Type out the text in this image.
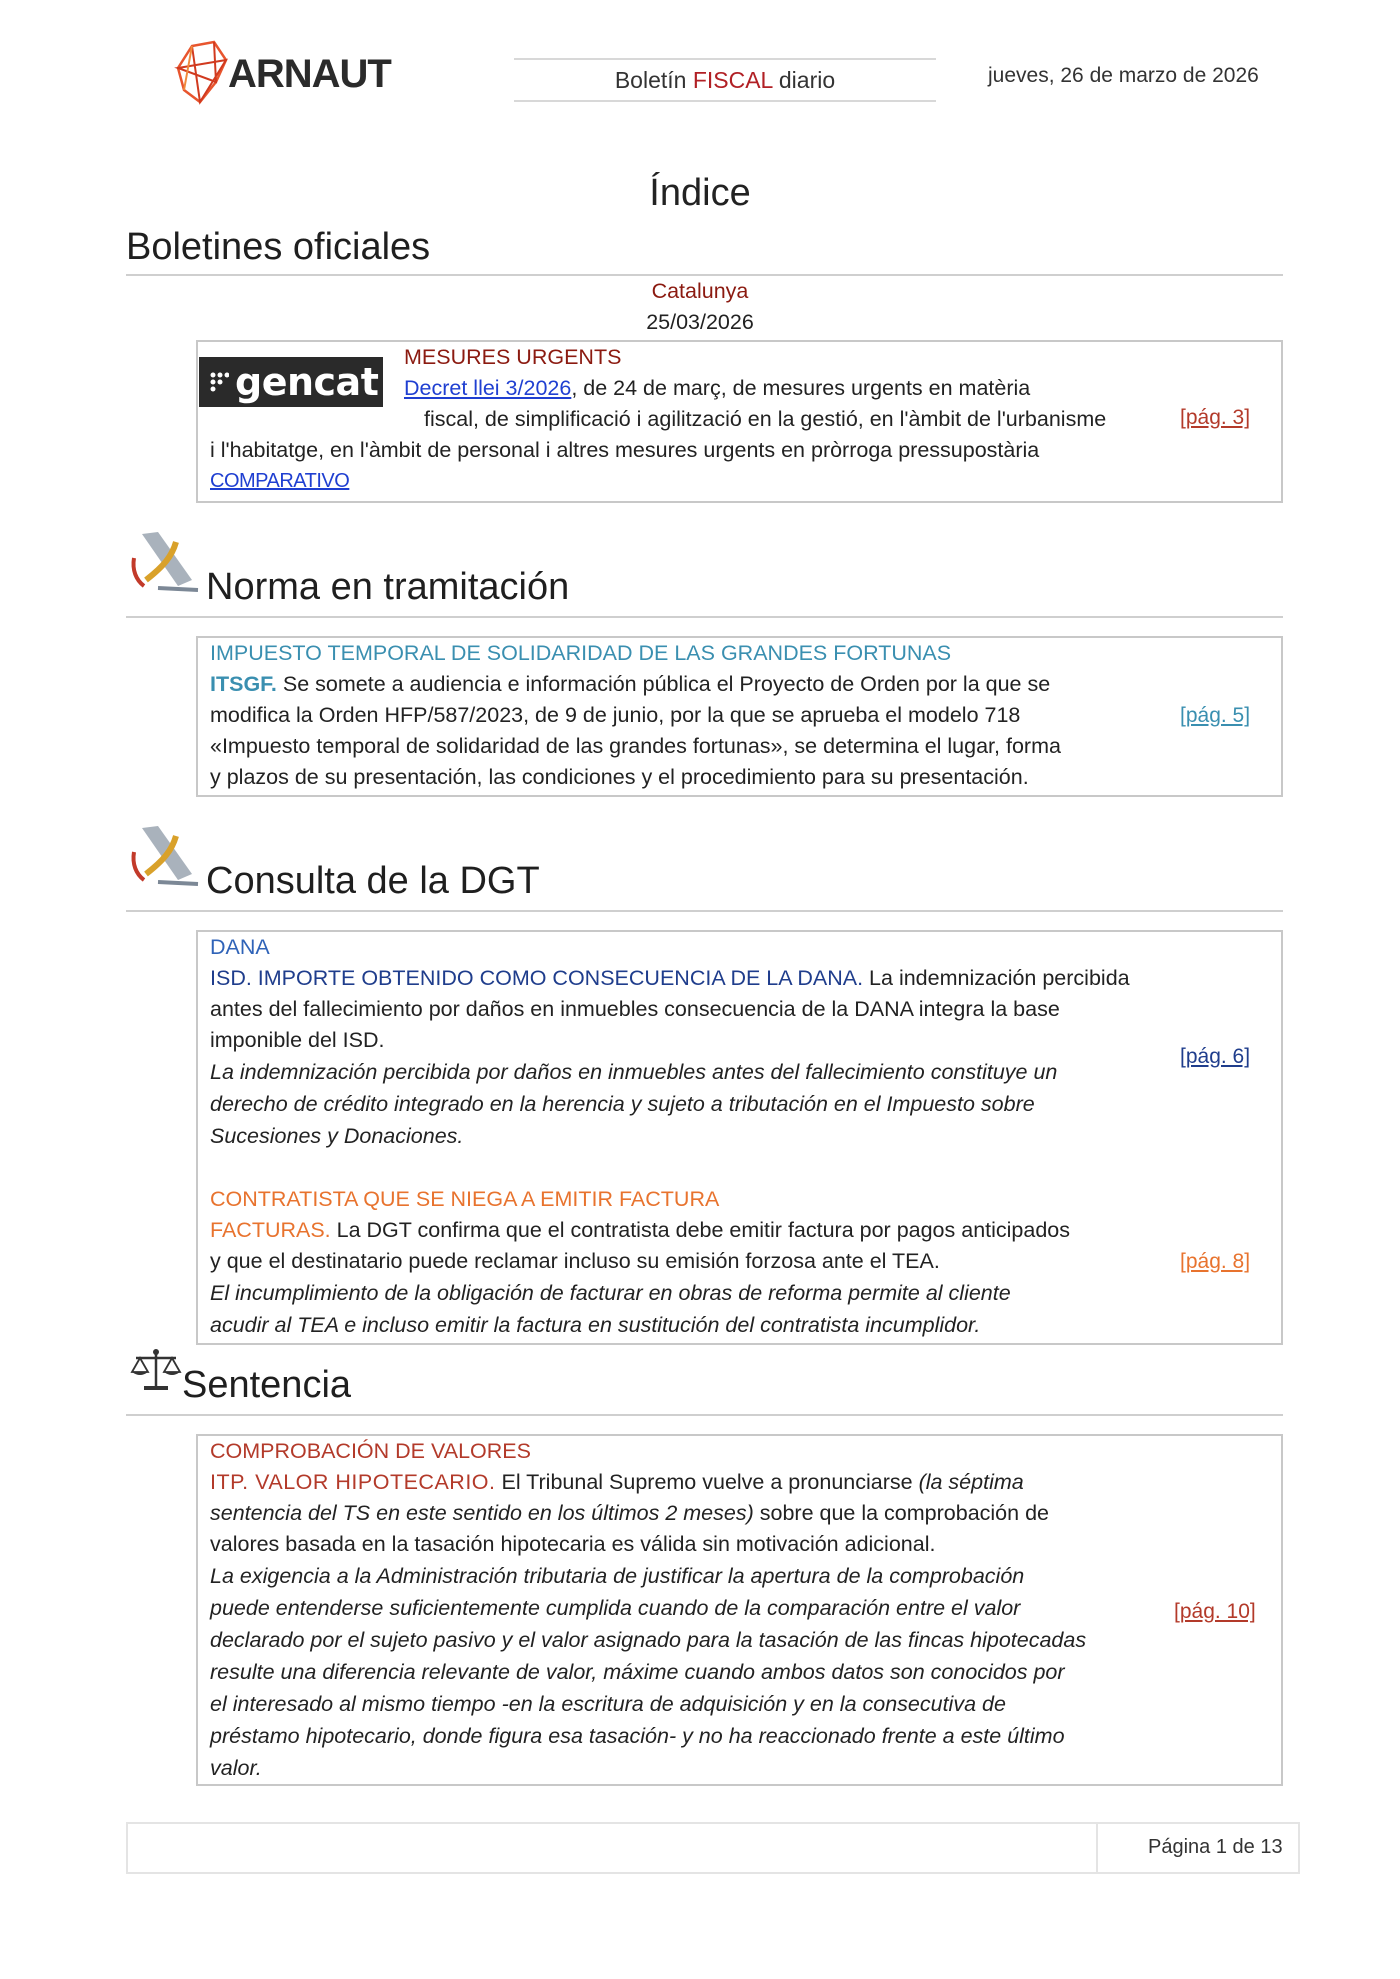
ARNAUT	Boletín FISCAL diario	jueves, 26 de marzo de 2026
Índice
Boletines oficiales
Catalunya
25/03/2026
gencat
MESURES URGENTS
Decret llei 3/2026, de 24 de març, de mesures urgents en matèria
fiscal, de simplificació i agilització en la gestió, en l'àmbit de l'urbanisme
i l'habitatge, en l'àmbit de personal i altres mesures urgents en pròrroga pressupostària
COMPARATIVO
[pág. 3]
Norma en tramitación
IMPUESTO TEMPORAL DE SOLIDARIDAD DE LAS GRANDES FORTUNAS
ITSGF. Se somete a audiencia e información pública el Proyecto de Orden por la que se
modifica la Orden HFP/587/2023, de 9 de junio, por la que se aprueba el modelo 718
«Impuesto temporal de solidaridad de las grandes fortunas», se determina el lugar, forma
y plazos de su presentación, las condiciones y el procedimiento para su presentación.
[pág. 5]
Consulta de la DGT
DANA
ISD. IMPORTE OBTENIDO COMO CONSECUENCIA DE LA DANA. La indemnización percibida
antes del fallecimiento por daños en inmuebles consecuencia de la DANA integra la base
imponible del ISD.
La indemnización percibida por daños en inmuebles antes del fallecimiento constituye un
derecho de crédito integrado en la herencia y sujeto a tributación en el Impuesto sobre
Sucesiones y Donaciones.
[pág. 6]
CONTRATISTA QUE SE NIEGA A EMITIR FACTURA
FACTURAS. La DGT confirma que el contratista debe emitir factura por pagos anticipados
y que el destinatario puede reclamar incluso su emisión forzosa ante el TEA.
El incumplimiento de la obligación de facturar en obras de reforma permite al cliente
acudir al TEA e incluso emitir la factura en sustitución del contratista incumplidor.
[pág. 8]
Sentencia
COMPROBACIÓN DE VALORES
ITP. VALOR HIPOTECARIO. El Tribunal Supremo vuelve a pronunciarse (la séptima
sentencia del TS en este sentido en los últimos 2 meses) sobre que la comprobación de
valores basada en la tasación hipotecaria es válida sin motivación adicional.
La exigencia a la Administración tributaria de justificar la apertura de la comprobación
puede entenderse suficientemente cumplida cuando de la comparación entre el valor
declarado por el sujeto pasivo y el valor asignado para la tasación de las fincas hipotecadas
resulte una diferencia relevante de valor, máxime cuando ambos datos son conocidos por
el interesado al mismo tiempo -en la escritura de adquisición y en la consecutiva de
préstamo hipotecario, donde figura esa tasación- y no ha reaccionado frente a este último
valor.
[pág. 10]
Página 1 de 13
